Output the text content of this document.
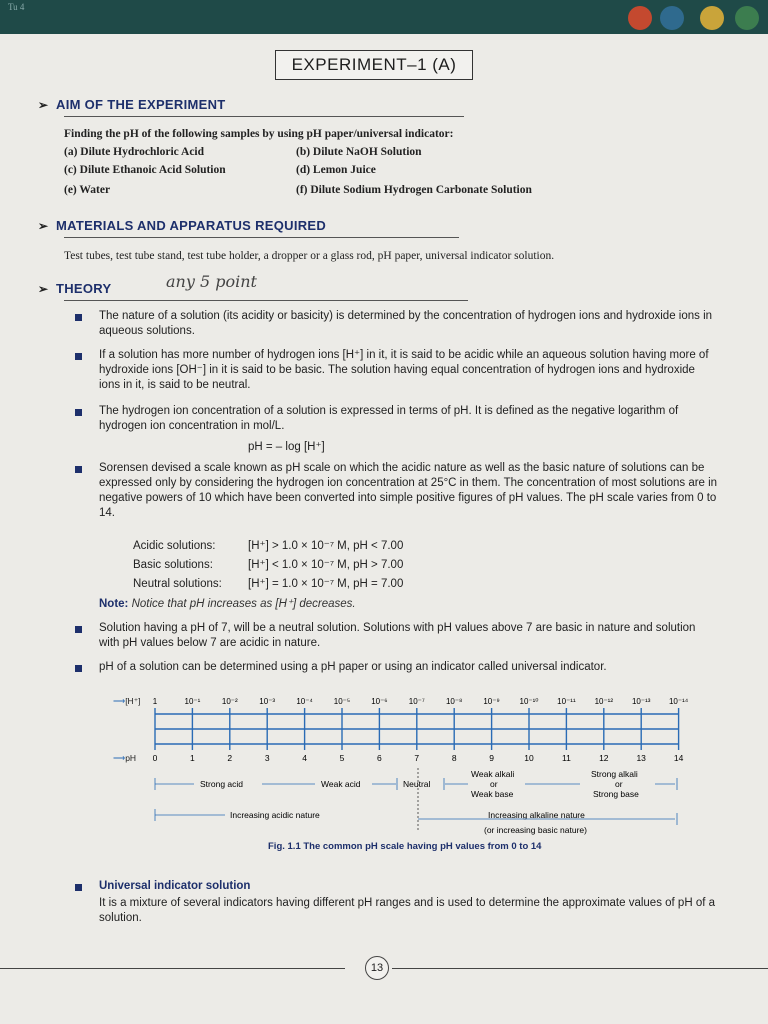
Tu 4
EXPERIMENT–1 (A)
➢ AIM OF THE EXPERIMENT
Finding the pH of the following samples by using pH paper/universal indicator:
(a) Dilute Hydrochloric Acid	(b) Dilute NaOH Solution
(c) Dilute Ethanoic Acid Solution	(d) Lemon Juice
(e) Water	(f) Dilute Sodium Hydrogen Carbonate Solution
➢ MATERIALS AND APPARATUS REQUIRED
Test tubes, test tube stand, test tube holder, a dropper or a glass rod, pH paper, universal indicator solution.
➢ THEORY	any 5 point
The nature of a solution (its acidity or basicity) is determined by the concentration of hydrogen ions and hydroxide ions in aqueous solutions.
If a solution has more number of hydrogen ions [H⁺] in it, it is said to be acidic while an aqueous solution having more of hydroxide ions [OH⁻] in it is said to be basic. The solution having equal concentration of hydrogen ions and hydroxide ions in it, is said to be neutral.
The hydrogen ion concentration of a solution is expressed in terms of pH. It is defined as the negative logarithm of hydrogen ion concentration in mol/L.
pH = – log [H⁺]
Sorensen devised a scale known as pH scale on which the acidic nature as well as the basic nature of solutions can be expressed only by considering the hydrogen ion concentration at 25°C in them. The concentration of most solutions are in negative powers of 10 which have been converted into simple positive figures of pH values. The pH scale varies from 0 to 14.
Acidic solutions:	[H⁺] > 1.0 × 10⁻⁷ M, pH < 7.00
Basic solutions:	[H⁺] < 1.0 × 10⁻⁷ M, pH > 7.00
Neutral solutions: [H⁺] = 1.0 × 10⁻⁷ M, pH = 7.00
Note: Notice that pH increases as [H⁺] decreases.
Solution having a pH of 7, will be a neutral solution. Solutions with pH values above 7 are basic in nature and solution with pH values below 7 are acidic in nature.
pH of a solution can be determined using a pH paper or using an indicator called universal indicator.
1	10⁻¹	10⁻²	10⁻³	10⁻⁴	10⁻⁵	10⁻⁶	10⁻⁷	10⁻⁸	10⁻⁹ 10⁻¹⁰ 10⁻¹¹ 10⁻¹² 10⁻¹³ 10⁻¹⁴
0	1	2	3	4	5	6	7	8	9	10	11	12	13	14
⟶[H⁺]
⟶pH
Strong acid	Weak acid	Neutral
Weak alkali
or
Weak base
Strong alkali
or
Strong base
Increasing acidic nature	Increasing alkaline nature
(or increasing basic nature)
Fig. 1.1 The common pH scale having pH values from 0 to 14
Universal indicator solution
It is a mixture of several indicators having different pH ranges and is used to determine the approximate values of pH of a solution.
13
